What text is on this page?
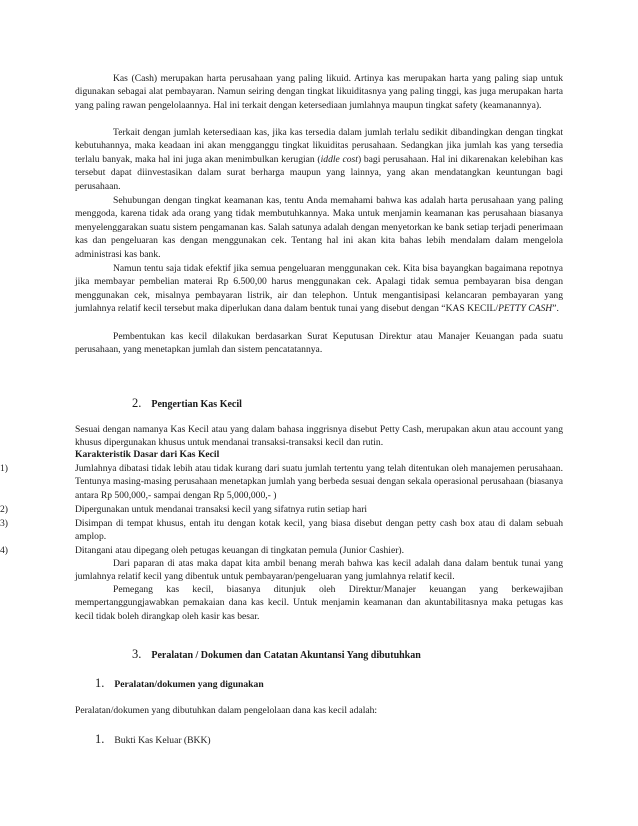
Kas (Cash) merupakan harta perusahaan yang paling likuid. Artinya kas merupakan harta yang paling siap untuk digunakan sebagai alat pembayaran. Namun seiring dengan tingkat likuiditasnya yang paling tinggi, kas juga merupakan harta yang paling rawan pengelolaannya. Hal ini terkait dengan ketersediaan jumlahnya maupun tingkat safety (keamanannya).

Terkait dengan jumlah ketersediaan kas, jika kas tersedia dalam jumlah terlalu sedikit dibandingkan dengan tingkat kebutuhannya, maka keadaan ini akan mengganggu tingkat likuiditas perusahaan. Sedangkan jika jumlah kas yang tersedia terlalu banyak, maka hal ini juga akan menimbulkan kerugian (iddle cost) bagi perusahaan. Hal ini dikarenakan kelebihan kas tersebut dapat diinvestasikan dalam surat berharga maupun yang lainnya, yang akan mendatangkan keuntungan bagi perusahaan.

Sehubungan dengan tingkat keamanan kas, tentu Anda memahami bahwa kas adalah harta perusahaan yang paling menggoda, karena tidak ada orang yang tidak membutuhkannya. Maka untuk menjamin keamanan kas perusahaan biasanya menyelenggarakan suatu sistem pengamanan kas. Salah satunya adalah dengan menyetorkan ke bank setiap terjadi penerimaan kas dan pengeluaran kas dengan menggunakan cek. Tentang hal ini akan kita bahas lebih mendalam dalam mengelola administrasi kas bank.

Namun tentu saja tidak efektif jika semua pengeluaran menggunakan cek. Kita bisa bayangkan bagaimana repotnya jika membayar pembelian materai Rp 6.500,00 harus menggunakan cek. Apalagi tidak semua pembayaran bisa dengan menggunakan cek, misalnya pembayaran listrik, air dan telephon. Untuk mengantisipasi kelancaran pembayaran yang jumlahnya relatif kecil tersebut maka diperlukan dana dalam bentuk tunai yang disebut dengan “KAS KECIL/PETTY CASH”.

Pembentukan kas kecil dilakukan berdasarkan Surat Keputusan Direktur atau Manajer Keuangan pada suatu perusahaan, yang menetapkan jumlah dan sistem pencatatannya.

2. Pengertian Kas Kecil

Sesuai dengan namanya Kas Kecil atau yang dalam bahasa inggrisnya disebut Petty Cash, merupakan akun atau account yang khusus dipergunakan khusus untuk mendanai transaksi-transaksi kecil dan rutin.

Karakteristik Dasar dari Kas Kecil

1)	Jumlahnya dibatasi tidak lebih atau tidak kurang dari suatu jumlah tertentu yang telah ditentukan oleh manajemen perusahaan. Tentunya masing-masing perusahaan menetapkan jumlah yang berbeda sesuai dengan sekala operasional perusahaan (biasanya antara Rp 500,000,- sampai dengan Rp 5,000,000,- )

2)	Dipergunakan untuk mendanai transaksi kecil yang sifatnya rutin setiap hari

3)	Disimpan di tempat khusus, entah itu dengan kotak kecil, yang biasa disebut dengan petty cash box atau di dalam sebuah amplop.

4)	Ditangani atau dipegang oleh petugas keuangan di tingkatan pemula (Junior Cashier).

Dari paparan di atas maka dapat kita ambil benang merah bahwa kas kecil adalah dana dalam bentuk tunai yang jumlahnya relatif kecil yang dibentuk untuk pembayaran/pengeluaran yang jumlahnya relatif kecil.

Pemegang kas kecil, biasanya ditunjuk oleh Direktur/Manajer keuangan yang berkewajiban mempertanggungjawabkan pemakaian dana kas kecil. Untuk menjamin keamanan dan akuntabilitasnya maka petugas kas kecil tidak boleh dirangkap oleh kasir kas besar.

3. Peralatan / Dokumen dan Catatan Akuntansi Yang dibutuhkan

1. Peralatan/dokumen yang digunakan

Peralatan/dokumen yang dibutuhkan dalam pengelolaan dana kas kecil adalah:

1. Bukti Kas Keluar (BKK)
